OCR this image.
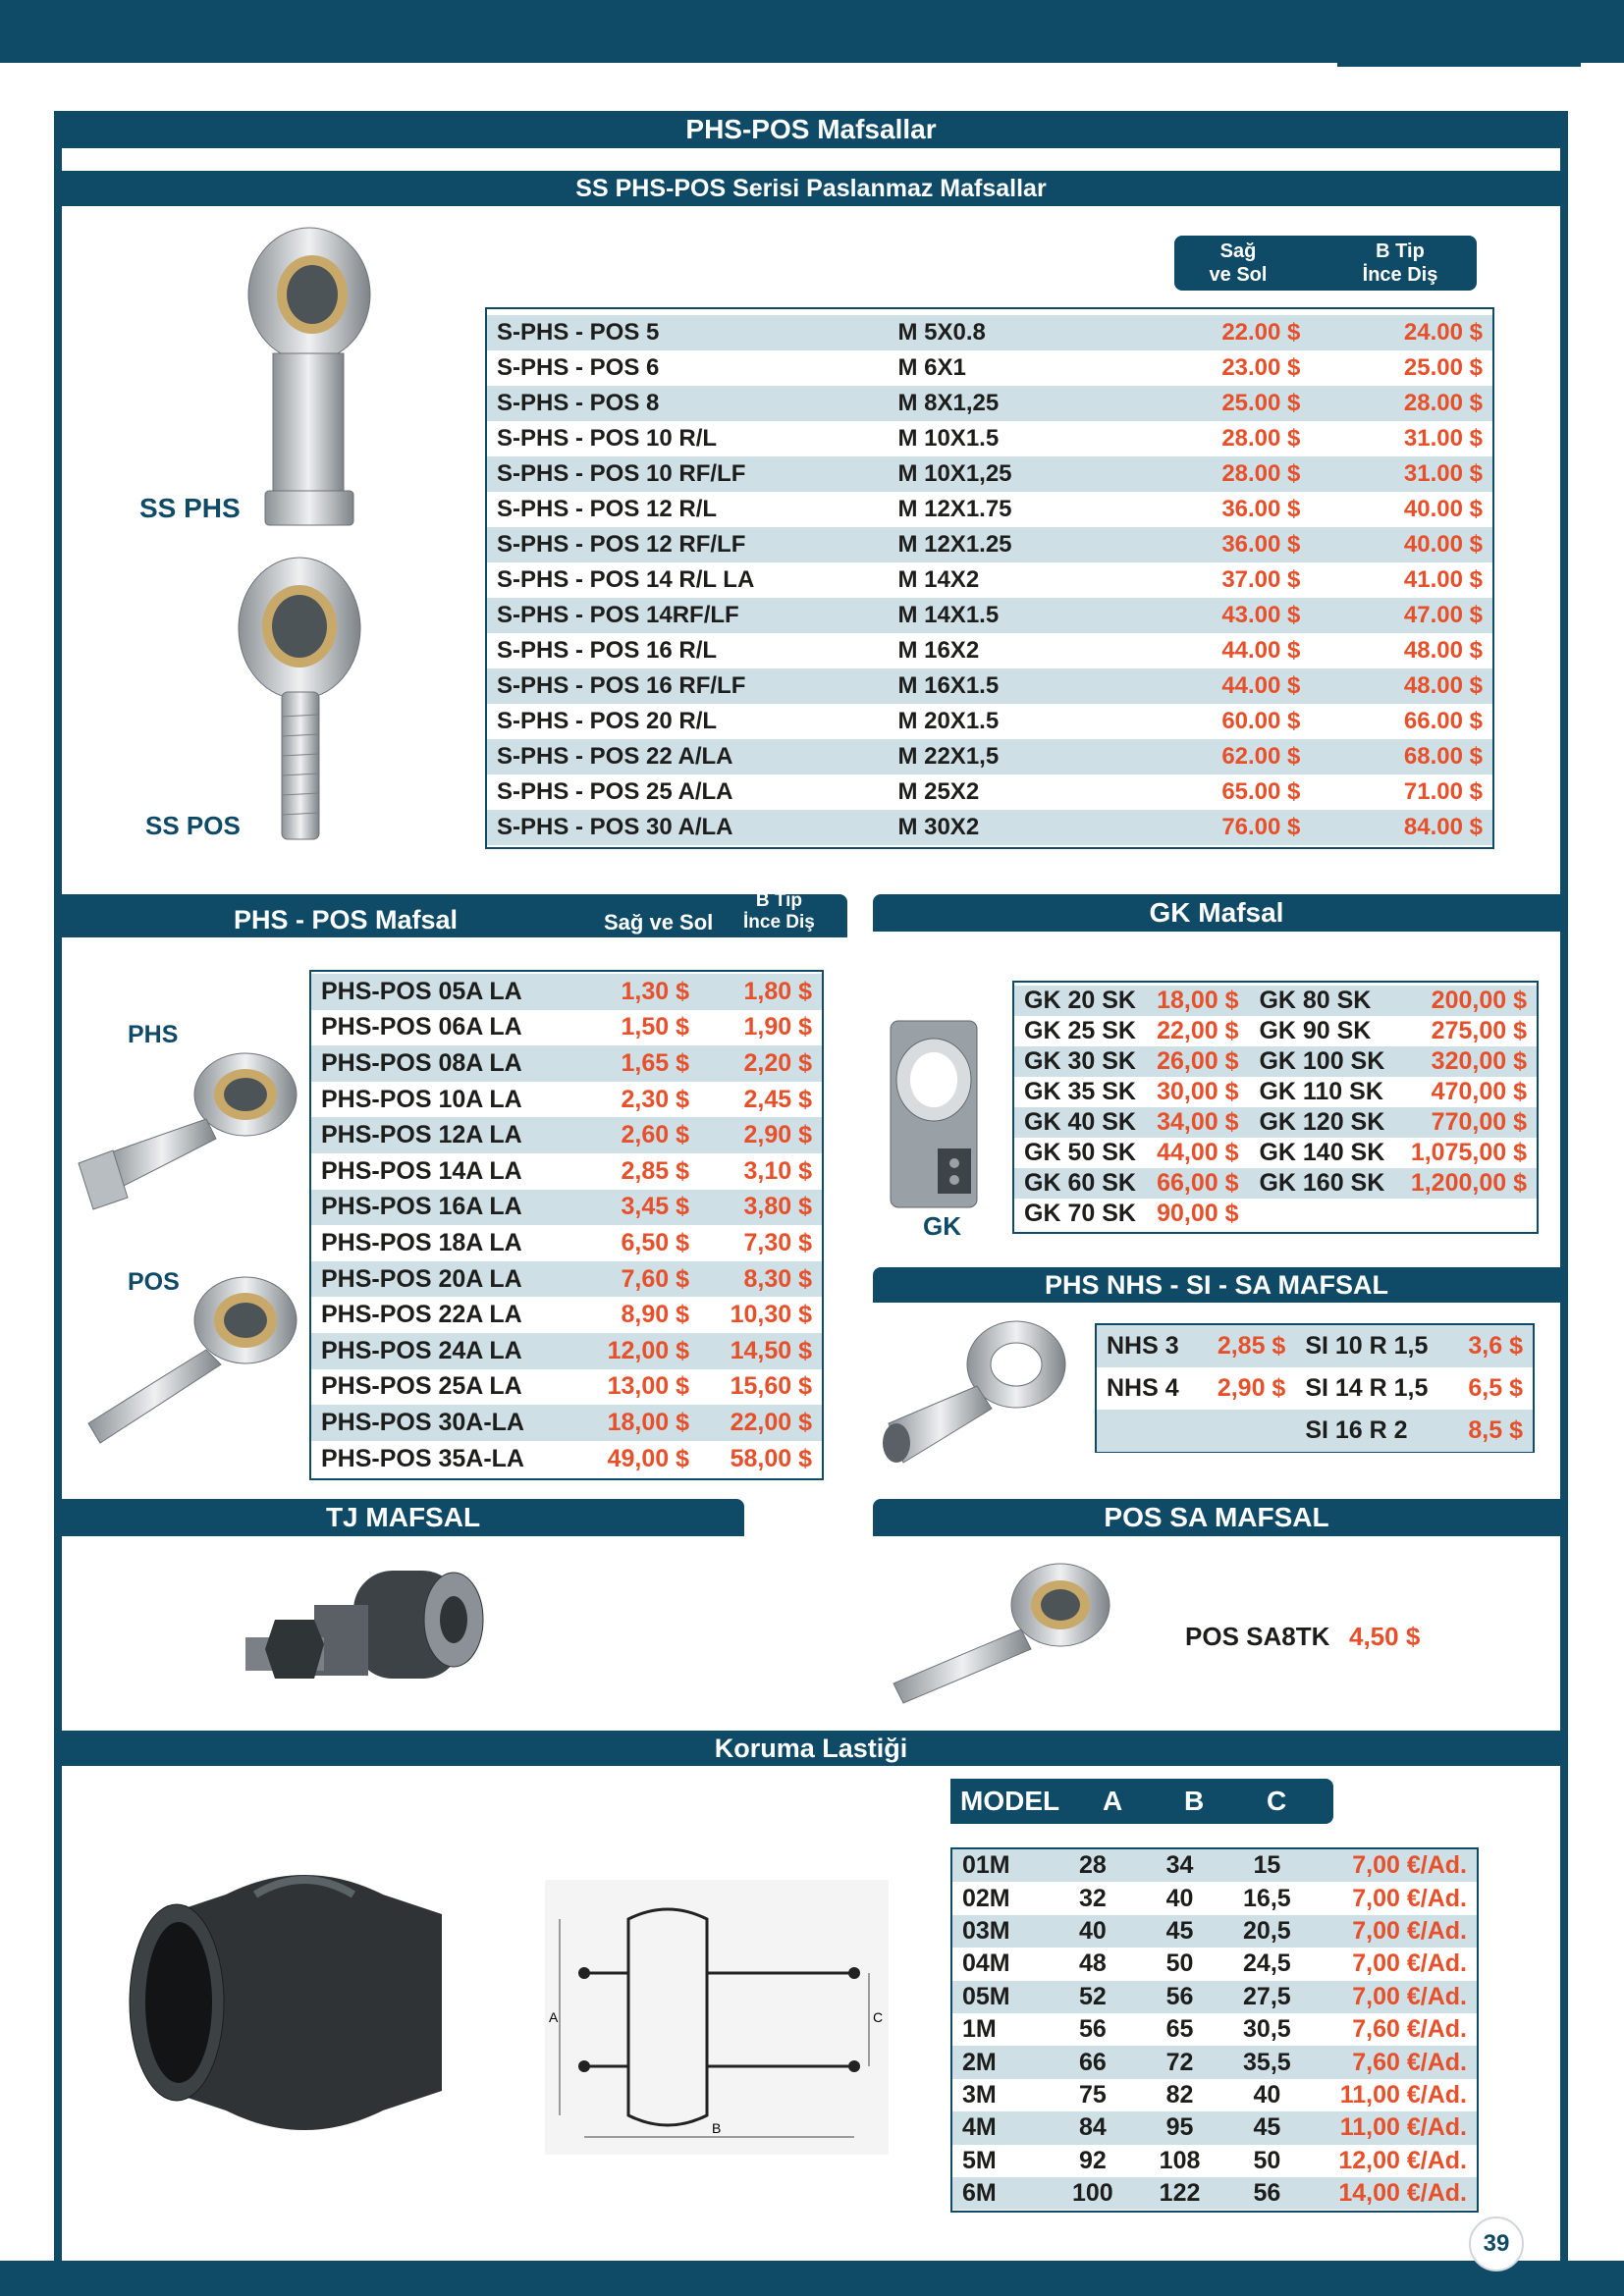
PHS-POS Mafsallar
SS PHS-POS Serisi Paslanmaz Mafsallar
SS PHS
SS POS
Sağ
ve Sol
B Tip
İnce Diş
S-PHS - POS 5	M 5X0.8	22.00 $	24.00 $
S-PHS - POS 6	M 6X1	23.00 $	25.00 $
S-PHS - POS 8	M 8X1,25	25.00 $	28.00 $
S-PHS - POS 10 R/L	M 10X1.5	28.00 $	31.00 $
S-PHS - POS 10 RF/LF	M 10X1,25	28.00 $	31.00 $
S-PHS - POS 12 R/L	M 12X1.75	36.00 $	40.00 $
S-PHS - POS 12 RF/LF	M 12X1.25	36.00 $	40.00 $
S-PHS - POS 14 R/L LA	M 14X2	37.00 $	41.00 $
S-PHS - POS 14RF/LF	M 14X1.5	43.00 $	47.00 $
S-PHS - POS 16 R/L	M 16X2	44.00 $	48.00 $
S-PHS - POS 16 RF/LF	M 16X1.5	44.00 $	48.00 $
S-PHS - POS 20 R/L	M 20X1.5	60.00 $	66.00 $
S-PHS - POS 22 A/LA	M 22X1,5	62.00 $	68.00 $
S-PHS - POS 25 A/LA	M 25X2	65.00 $	71.00 $
S-PHS - POS 30 A/LA	M 30X2	76.00 $	84.00 $
PHS - POS Mafsal	Sağ ve Sol
B Tip
İnce Diş	GK Mafsal
PHS
POS
PHS-POS 05A LA	1,30 $	1,80 $
PHS-POS 06A LA	1,50 $	1,90 $
PHS-POS 08A LA	1,65 $	2,20 $
PHS-POS 10A LA	2,30 $	2,45 $
PHS-POS 12A LA	2,60 $	2,90 $
PHS-POS 14A LA	2,85 $	3,10 $
PHS-POS 16A LA	3,45 $	3,80 $
PHS-POS 18A LA	6,50 $	7,30 $
PHS-POS 20A LA	7,60 $	8,30 $
PHS-POS 22A LA	8,90 $	10,30 $
PHS-POS 24A LA	12,00 $	14,50 $
PHS-POS 25A LA	13,00 $	15,60 $
PHS-POS 30A-LA	18,00 $	22,00 $
PHS-POS 35A-LA	49,00 $	58,00 $
GK
GK 20 SK	18,00 $	GK 80 SK	200,00 $
GK 25 SK	22,00 $	GK 90 SK	275,00 $
GK 30 SK	26,00 $	GK 100 SK	320,00 $
GK 35 SK	30,00 $	GK 110 SK	470,00 $
GK 40 SK	34,00 $	GK 120 SK	770,00 $
GK 50 SK	44,00 $	GK 140 SK	1,075,00 $
GK 60 SK	66,00 $	GK 160 SK	1,200,00 $
GK 70 SK	90,00 $		
PHS NHS - SI - SA MAFSAL
NHS 3	2,85 $	SI 10 R 1,5	3,6 $
NHS 4	2,90 $	SI 14 R 1,5	6,5 $
		SI 16 R 2	8,5 $
TJ MAFSAL	POS SA MAFSAL
POS SA8TK 4,50 $
Koruma Lastiği
A	C
B
MODEL A B C
01M	28	34	15	7,00 €/Ad.
02M	32	40	16,5	7,00 €/Ad.
03M	40	45	20,5	7,00 €/Ad.
04M	48	50	24,5	7,00 €/Ad.
05M	52	56	27,5	7,00 €/Ad.
1M	56	65	30,5	7,60 €/Ad.
2M	66	72	35,5	7,60 €/Ad.
3M	75	82	40	11,00 €/Ad.
4M	84	95	45	11,00 €/Ad.
5M	92	108	50	12,00 €/Ad.
6M	100	122	56	14,00 €/Ad.
39
